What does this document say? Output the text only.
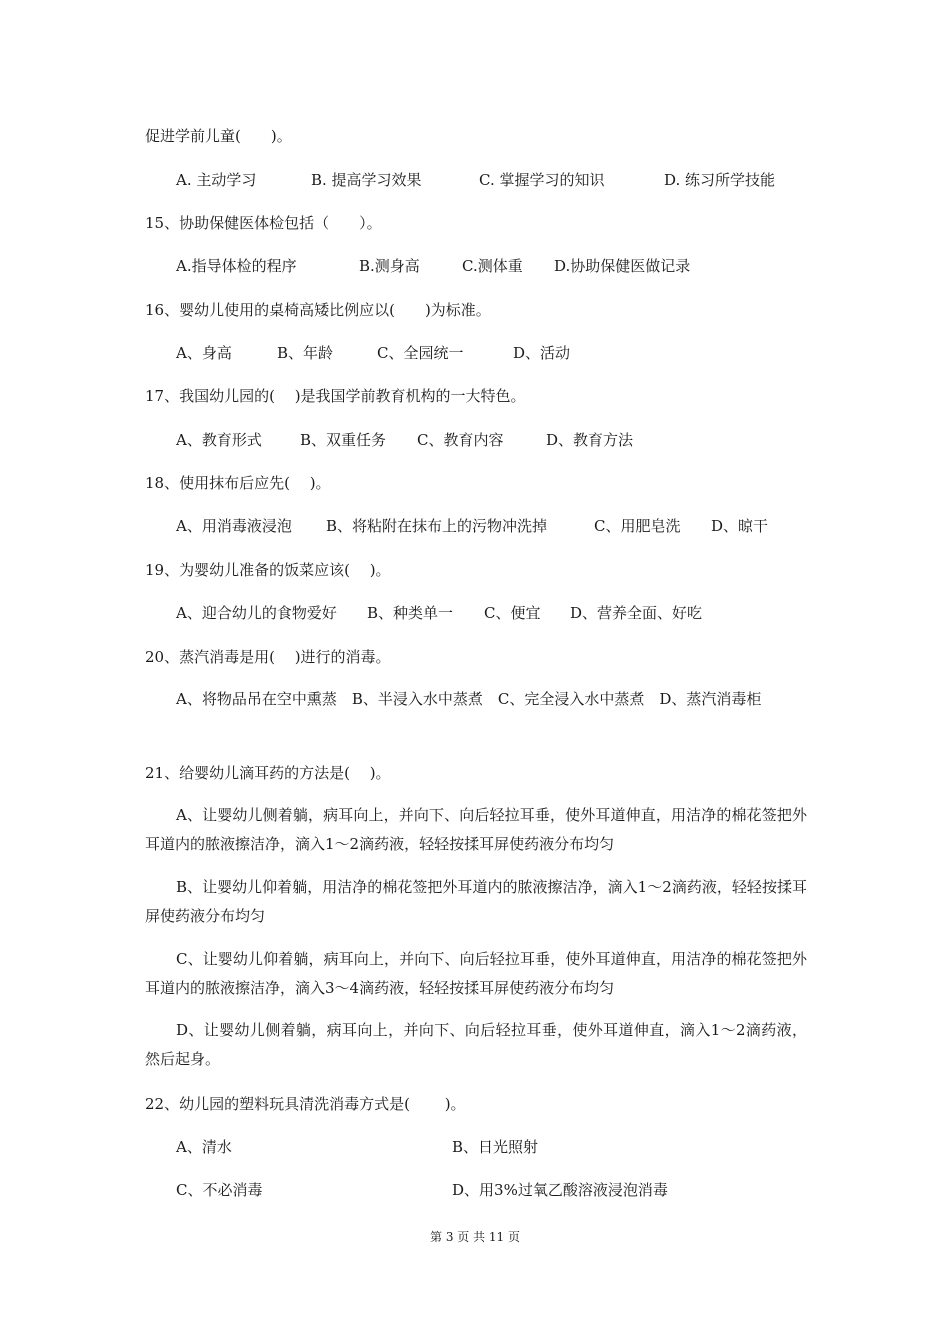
促进学前儿童(　　)。
A. 主动学习	B. 提高学习效果	C. 掌握学习的知识	D. 练习所学技能
15、协助保健医体检包括（　　）。
A.指导体检的程序	B.测身高	C.测体重 D.协助保健医做记录
16、婴幼儿使用的桌椅高矮比例应以(　　)为标准。
A、身高	B、年龄	C、全园统一	D、活动
17、我国幼儿园的(　 )是我国学前教育机构的一大特色。
A、教育形式	B、双重任务 C、教育内容	D、教育方法
18、使用抹布后应先(　 )。
A、用消毒液浸泡 B、将粘附在抹布上的污物冲洗掉	C、用肥皂洗 D、晾干
19、为婴幼儿准备的饭菜应该(　 )。
A、迎合幼儿的食物爱好 B、种类单一 C、便宜 D、营养全面、好吃
20、蒸汽消毒是用(　 )进行的消毒。
A、将物品吊在空中熏蒸　B、半浸入水中蒸煮　C、完全浸入水中蒸煮　D、蒸汽消毒柜
21、给婴幼儿滴耳药的方法是(　 )。
A、让婴幼儿侧着躺，病耳向上，并向下、向后轻拉耳垂，使外耳道伸直，用洁净的棉花签把外耳道内的脓液擦洁净，滴入1～2滴药液，轻轻按揉耳屏使药液分布均匀
B、让婴幼儿仰着躺，用洁净的棉花签把外耳道内的脓液擦洁净，滴入1～2滴药液，轻轻按揉耳屏使药液分布均匀
C、让婴幼儿仰着躺，病耳向上，并向下、向后轻拉耳垂，使外耳道伸直，用洁净的棉花签把外耳道内的脓液擦洁净，滴入3～4滴药液，轻轻按揉耳屏使药液分布均匀
D、让婴幼儿侧着躺，病耳向上，并向下、向后轻拉耳垂，使外耳道伸直，滴入1～2滴药液，然后起身。
22、幼儿园的塑料玩具清洗消毒方式是(　　 )。
A、清水	B、日光照射
C、不必消毒	D、用3%过氧乙酸溶液浸泡消毒
第 3 页 共 11 页
